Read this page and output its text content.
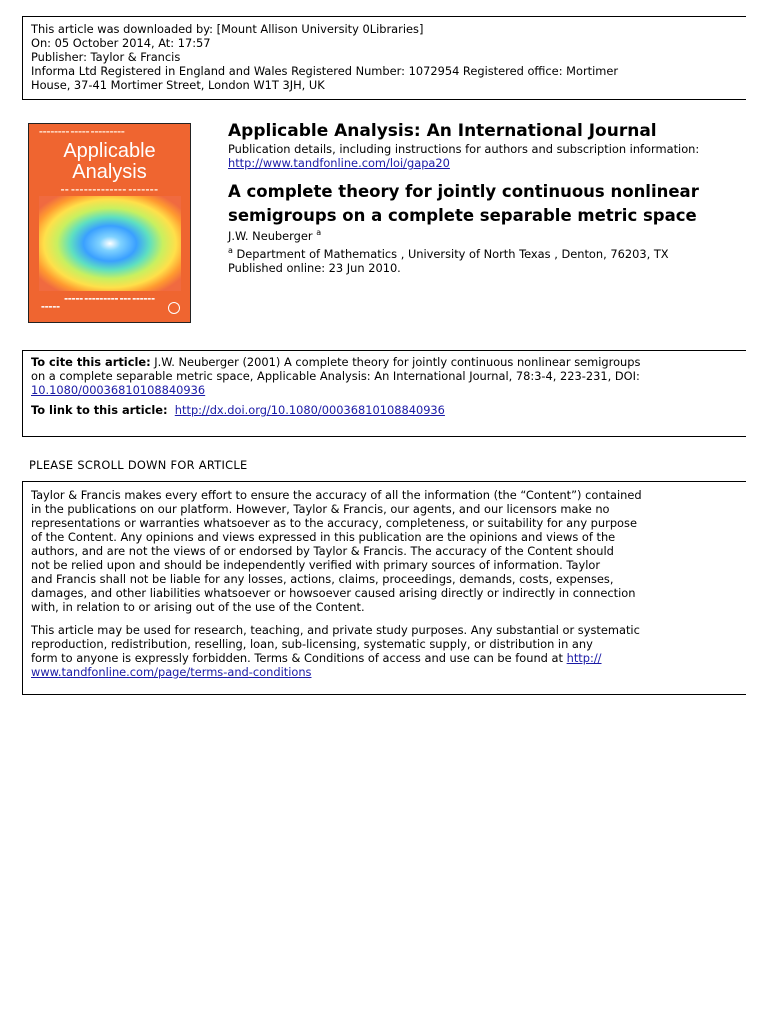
This article was downloaded by: [Mount Allison University 0Libraries]
On: 05 October 2014, At: 17:57
Publisher: Taylor & Francis
Informa Ltd Registered in England and Wales Registered Number: 1072954 Registered office: Mortimer
House, 37-41 Mortimer Street, London W1T 3JH, UK
▬▬▬▬▬▬▬▬ ▬▬▬▬▬ ▬▬▬▬▬▬▬▬▬
Applicable
Analysis
▬▬ ▬▬▬▬▬▬▬▬▬▬▬▬▬ ▬▬▬▬▬▬▬
▬▬▬▬▬ ▬▬▬▬▬▬▬▬▬ ▬▬▬ ▬▬▬▬▬▬
▬▬▬▬▬
Applicable Analysis: An International Journal
Publication details, including instructions for authors and subscription information:
http://www.tandfonline.com/loi/gapa20
A complete theory for jointly continuous nonlinear
semigroups on a complete separable metric space
J.W. Neuberger $^a$
$^a$ Department of Mathematics , University of North Texas , Denton, 76203, TX
Published online: 23 Jun 2010.
To cite this article: J.W. Neuberger (2001) A complete theory for jointly continuous nonlinear semigroups
on a complete separable metric space, Applicable Analysis: An International Journal, 78:3-4, 223-231, DOI:
10.1080/00036810108840936
To link to this article: http://dx.doi.org/10.1080/00036810108840936
PLEASE SCROLL DOWN FOR ARTICLE

Taylor & Francis makes every effort to ensure the accuracy of all the information (the “Content”) contained
in the publications on our platform. However, Taylor & Francis, our agents, and our licensors make no
representations or warranties whatsoever as to the accuracy, completeness, or suitability for any purpose
of the Content. Any opinions and views expressed in this publication are the opinions and views of the
authors, and are not the views of or endorsed by Taylor & Francis. The accuracy of the Content should
not be relied upon and should be independently verified with primary sources of information. Taylor
and Francis shall not be liable for any losses, actions, claims, proceedings, demands, costs, expenses,
damages, and other liabilities whatsoever or howsoever caused arising directly or indirectly in connection
with, in relation to or arising out of the use of the Content.

This article may be used for research, teaching, and private study purposes. Any substantial or systematic
reproduction, redistribution, reselling, loan, sub-licensing, systematic supply, or distribution in any
form to anyone is expressly forbidden. Terms & Conditions of access and use can be found at http://
www.tandfonline.com/page/terms-and-conditions
